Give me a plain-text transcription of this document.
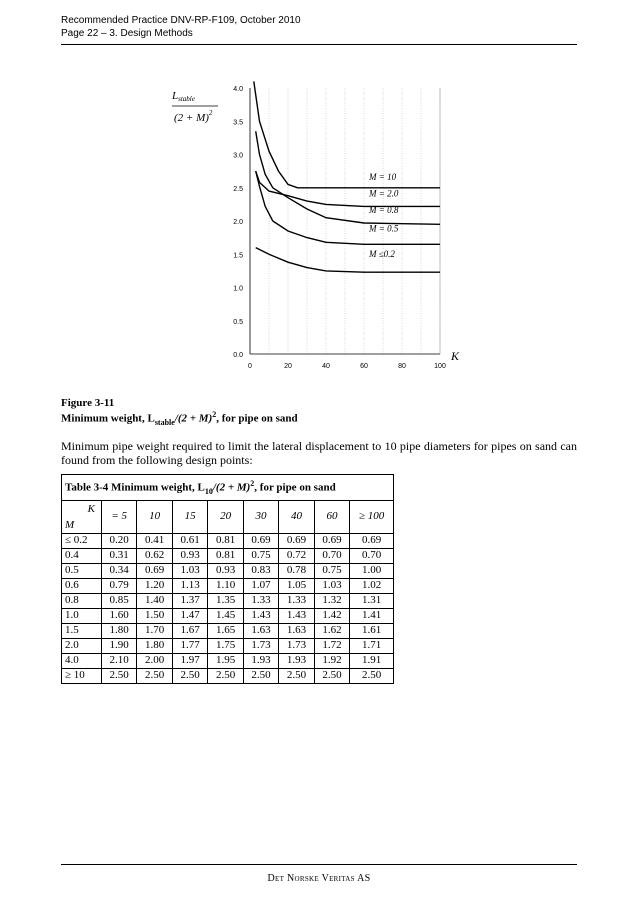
Recommended Practice DNV-RP-F109, October 2010
Page 22 – 3. Design Methods
0.0
0.5
1.0
1.5
2.0
2.5
3.0
3.5
4.0
0	20	40	60	80	100
M = 10
M = 2.0
M = 0.8
M = 0.5
M ≤0.2
Lstable
$(2 + M)^2$
K
Figure 3-11
Minimum weight, $L_{stable}/(2 + M)^2$, for pipe on sand
Minimum pipe weight required to limit the lateral displacement to 10 pipe diameters for pipes on sand can found from the following design points:
Table 3-4 Minimum weight, $L_{10}/(2 + M)^2$, for pipe on sand								

K
M	= 5	10	15	20	30	40	60	≥ 100
≤ 0.2	0.20	0.41	0.61	0.81	0.69	0.69	0.69	0.69
0.4	0.31	0.62	0.93	0.81	0.75	0.72	0.70	0.70
0.5	0.34	0.69	1.03	0.93	0.83	0.78	0.75	1.00
0.6	0.79	1.20	1.13	1.10	1.07	1.05	1.03	1.02
0.8	0.85	1.40	1.37	1.35	1.33	1.33	1.32	1.31
1.0	1.60	1.50	1.47	1.45	1.43	1.43	1.42	1.41
1.5	1.80	1.70	1.67	1.65	1.63	1.63	1.62	1.61
2.0	1.90	1.80	1.77	1.75	1.73	1.73	1.72	1.71
4.0	2.10	2.00	1.97	1.95	1.93	1.93	1.92	1.91
≥ 10	2.50	2.50	2.50	2.50	2.50	2.50	2.50	2.50
Det Norske Veritas AS
